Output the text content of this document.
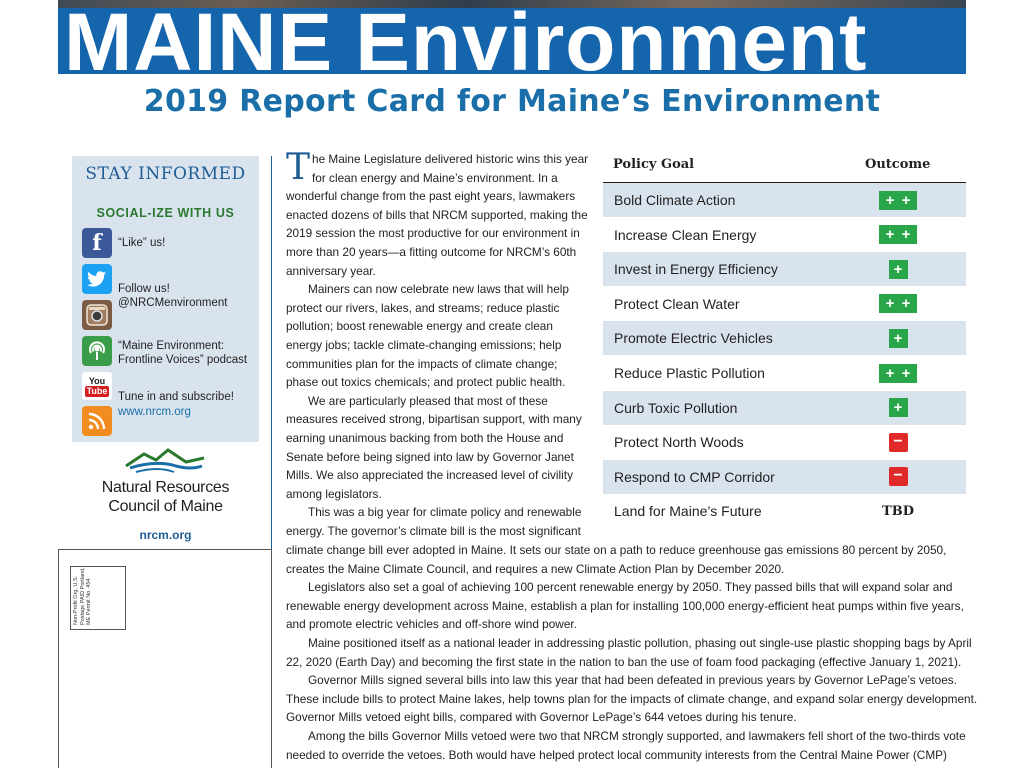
MAINE Environment
2019 Report Card for Maine’s Environment
STAY INFORMED
SOCIAL-IZE WITH US
f	“Like” us!
Follow us!
@NRCMenvironment
“Maine Environment:
Frontline Voices” podcast
You
Tube
Tune in and subscribe!
www.nrcm.org
Natural Resources
Council of Maine
nrcm.org
Non-Profit Org. U.S. Postage PAID Portland, ME Permit No. 454

The Maine Legislature delivered historic wins this year for clean energy and Maine’s environment. In a wonderful change from the past eight years, lawmakers enacted dozens of bills that NRCM supported, making the 2019 session the most productive for our environment in more than 20 years—a fitting outcome for NRCM’s 60th anniversary year.

Mainers can now celebrate new laws that will help protect our rivers, lakes, and streams; reduce plastic pollution; boost renewable energy and create clean energy jobs; tackle climate-changing emissions; help communities plan for the impacts of climate change; phase out toxics chemicals; and protect public health.

We are particularly pleased that most of these measures received strong, bipartisan support, with many earning unanimous backing from both the House and Senate before being signed into law by Governor Janet Mills. We also appreciated the increased level of civility among legislators.

This was a big year for climate policy and renewable energy. The governor’s climate bill is the most significant

climate change bill ever adopted in Maine. It sets our state on a path to reduce greenhouse gas emissions 80 percent by 2050, creates the Maine Climate Council, and requires a new Climate Action Plan by December 2020.

Legislators also set a goal of achieving 100 percent renewable energy by 2050. They passed bills that will expand solar and renewable energy development across Maine, establish a plan for installing 100,000 energy-efficient heat pumps within five years, and promote electric vehicles and off-shore wind power.

Maine positioned itself as a national leader in addressing plastic pollution, phasing out single-use plastic shopping bags by April 22, 2020 (Earth Day) and becoming the first state in the nation to ban the use of foam food packaging (effective January 1, 2021).

Governor Mills signed several bills into law this year that had been defeated in previous years by Governor LePage’s vetoes. These include bills to protect Maine lakes, help towns plan for the impacts of climate change, and expand solar energy development. Governor Mills vetoed eight bills, compared with Governor LePage’s 644 vetoes during his tenure.

Among the bills Governor Mills vetoed were two that NRCM strongly supported, and lawmakers fell short of the two-thirds vote needed to override the vetoes. Both would have helped protect local community interests from the Central Maine Power (CMP)

Policy Goal	Outcome
Bold Climate Action	+ +
Increase Clean Energy	+ +
Invest in Energy Efficiency	+
Protect Clean Water	+ +
Promote Electric Vehicles	+
Reduce Plastic Pollution	+ +
Curb Toxic Pollution	+
Protect North Woods	−
Respond to CMP Corridor	−
Land for Maine’s Future	TBD
